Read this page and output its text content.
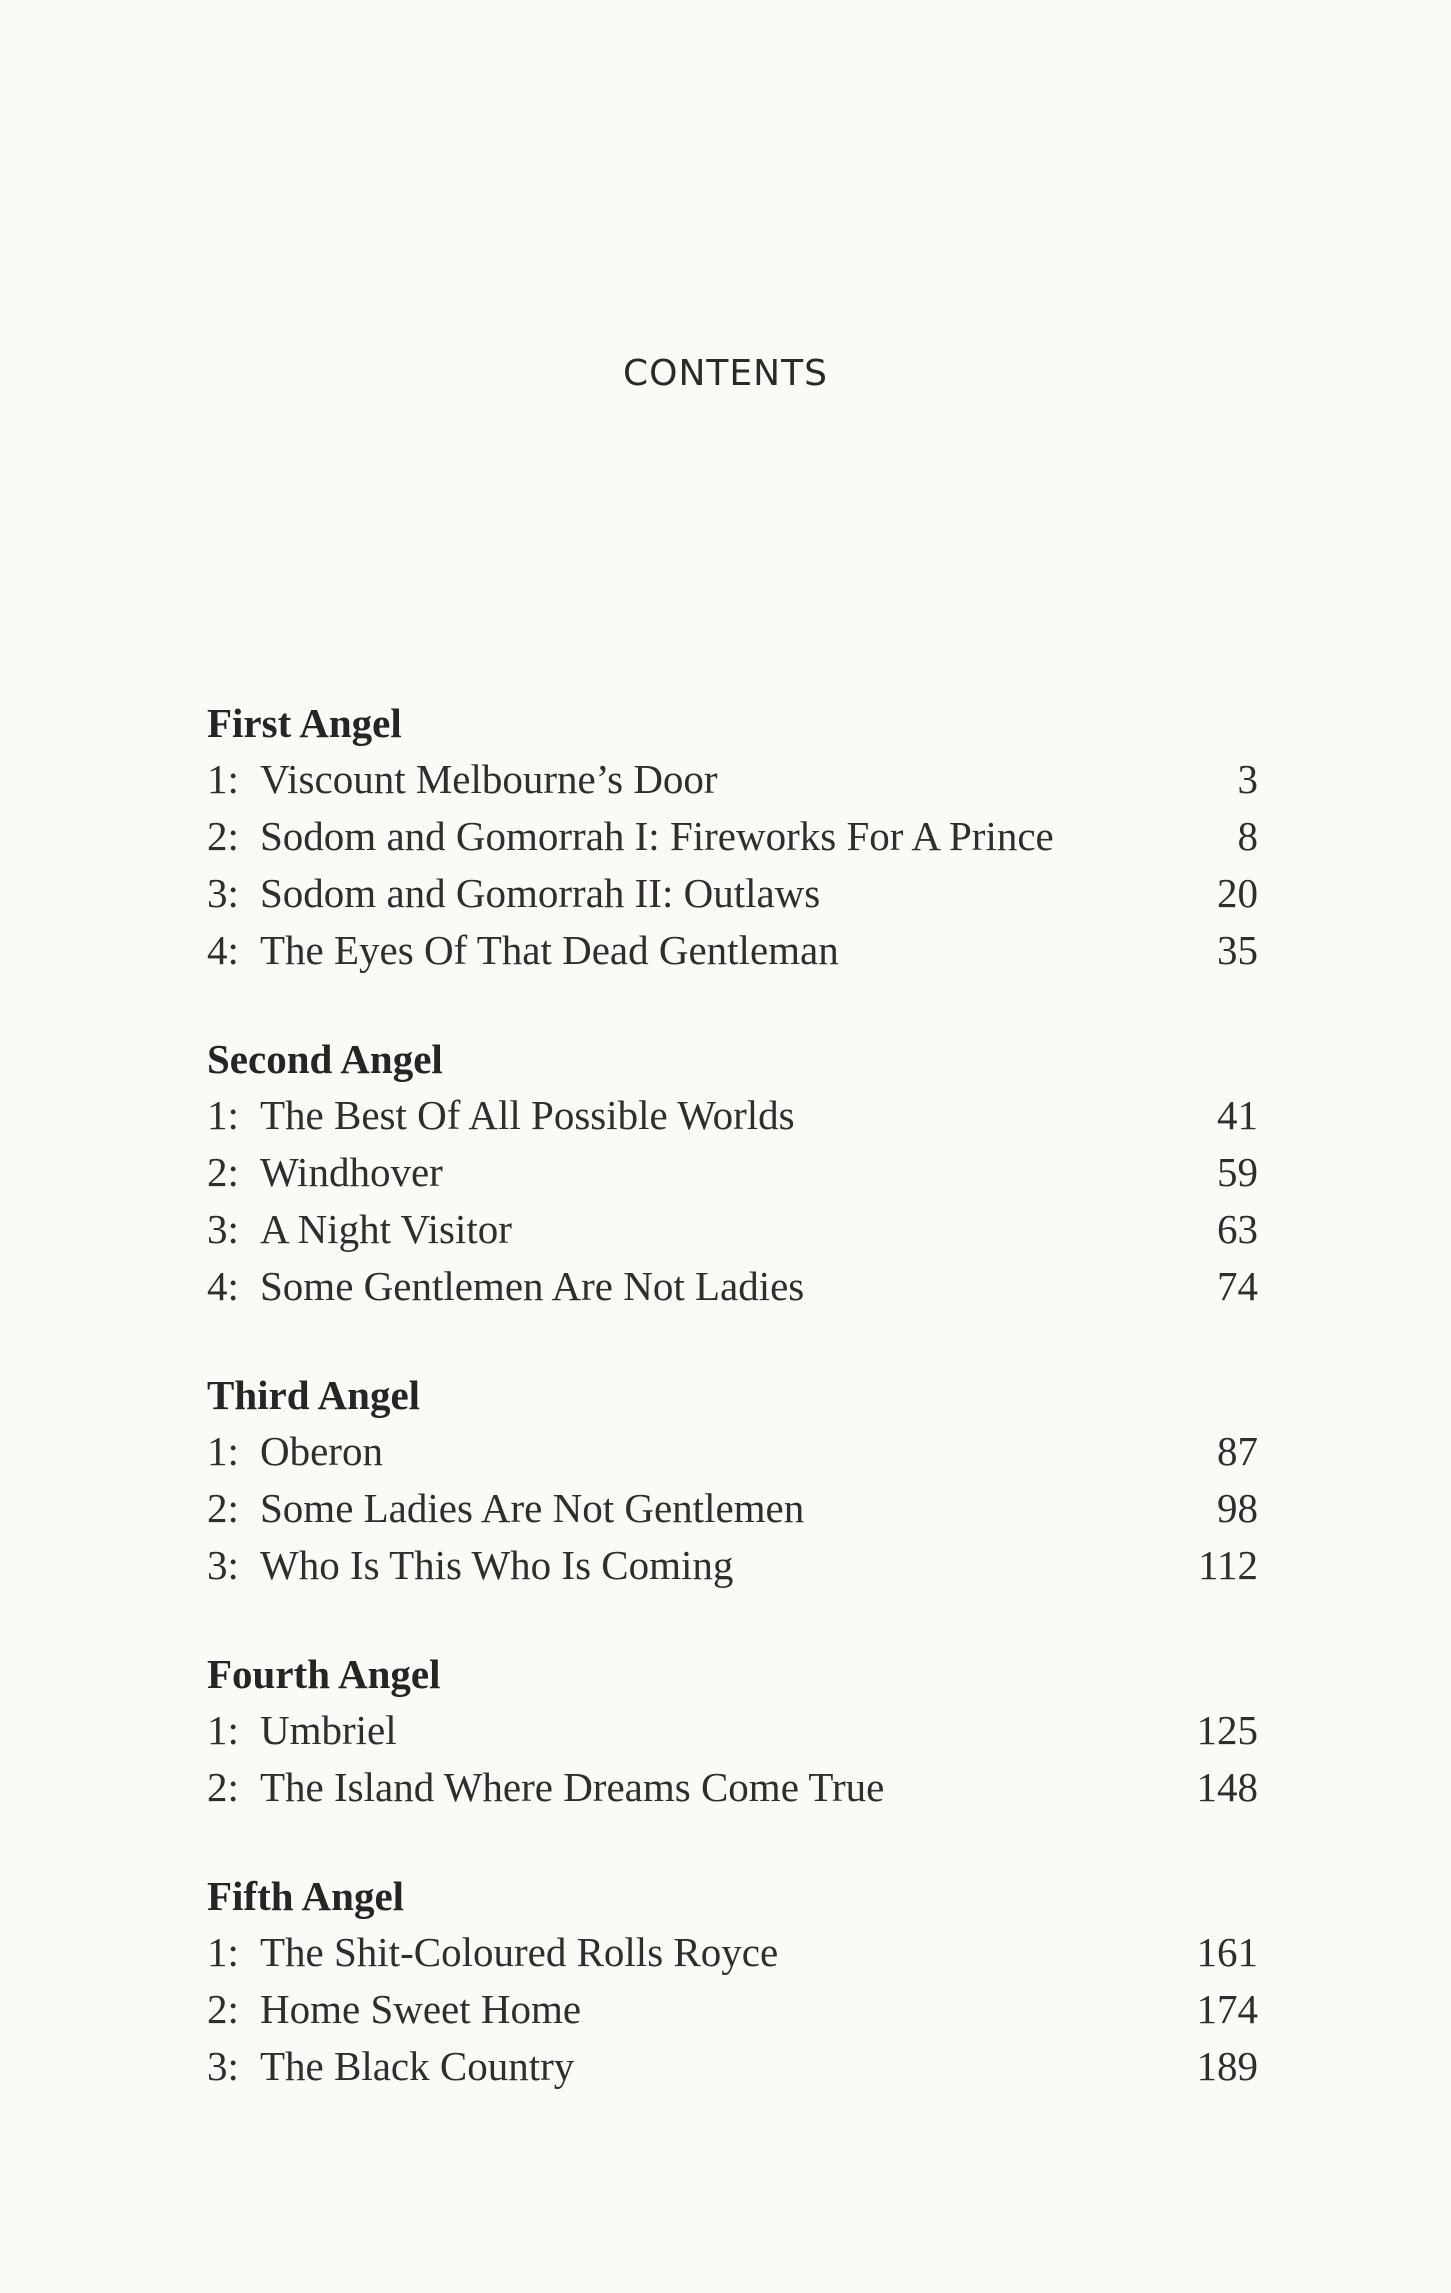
CONTENTS
First Angel
1: Viscount Melbourne’s Door	3
2: Sodom and Gomorrah I: Fireworks For A Prince	8
3: Sodom and Gomorrah II: Outlaws	20
4: The Eyes Of That Dead Gentleman	35
Second Angel
1: The Best Of All Possible Worlds	41
2: Windhover	59
3: A Night Visitor	63
4: Some Gentlemen Are Not Ladies	74
Third Angel
1: Oberon	87
2: Some Ladies Are Not Gentlemen	98
3: Who Is This Who Is Coming	112
Fourth Angel
1: Umbriel	125
2: The Island Where Dreams Come True	148
Fifth Angel
1: The Shit-Coloured Rolls Royce	161
2: Home Sweet Home	174
3: The Black Country	189
